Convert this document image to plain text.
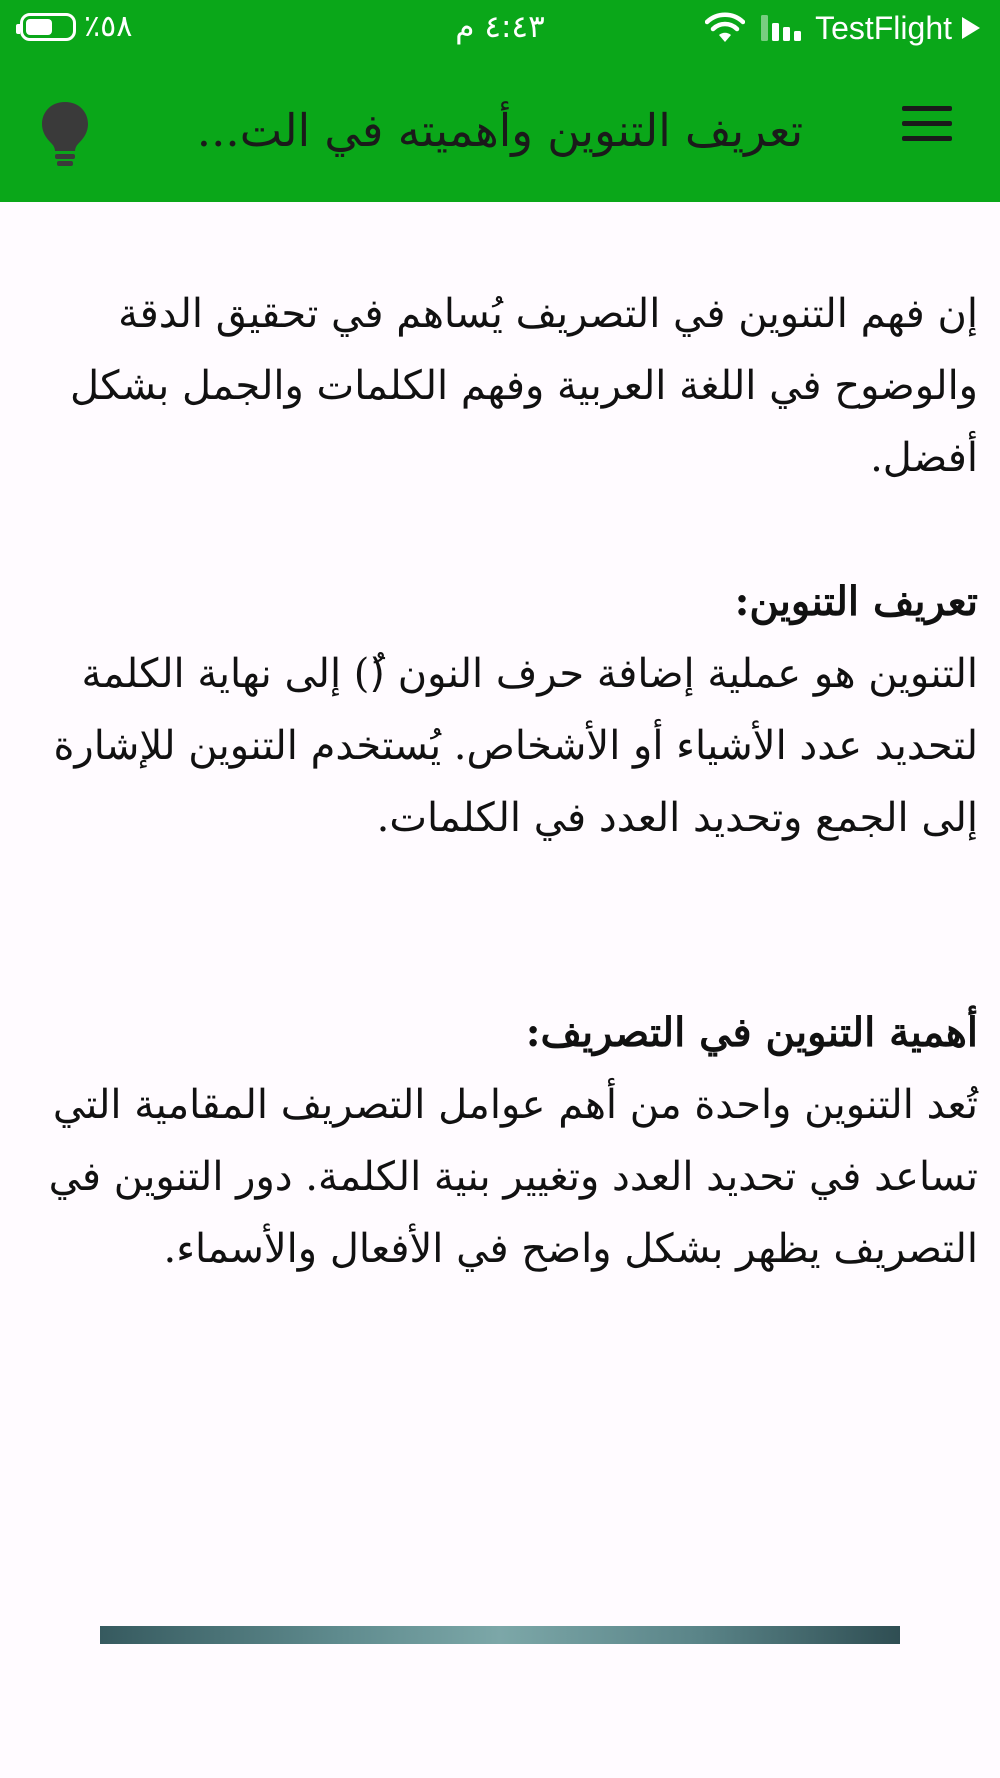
٪٥٨	٤:٤٣ م	TestFlight
تعريف التنوين وأهميته في الت...

إن فهم التنوين في التصريف يُساهم في تحقيق الدقة والوضوح في اللغة العربية وفهم الكلمات والجمل بشكل أفضل.

تعريف التنوين:

التنوين هو عملية إضافة حرف النون (ُ) إلى نهاية الكلمة لتحديد عدد الأشياء أو الأشخاص. يُستخدم التنوين للإشارة إلى الجمع وتحديد العدد في الكلمات.

أهمية التنوين في التصريف:

تُعد التنوين واحدة من أهم عوامل التصريف المقامية التي تساعد في تحديد العدد وتغيير بنية الكلمة. دور التنوين في التصريف يظهر بشكل واضح في الأفعال والأسماء.
